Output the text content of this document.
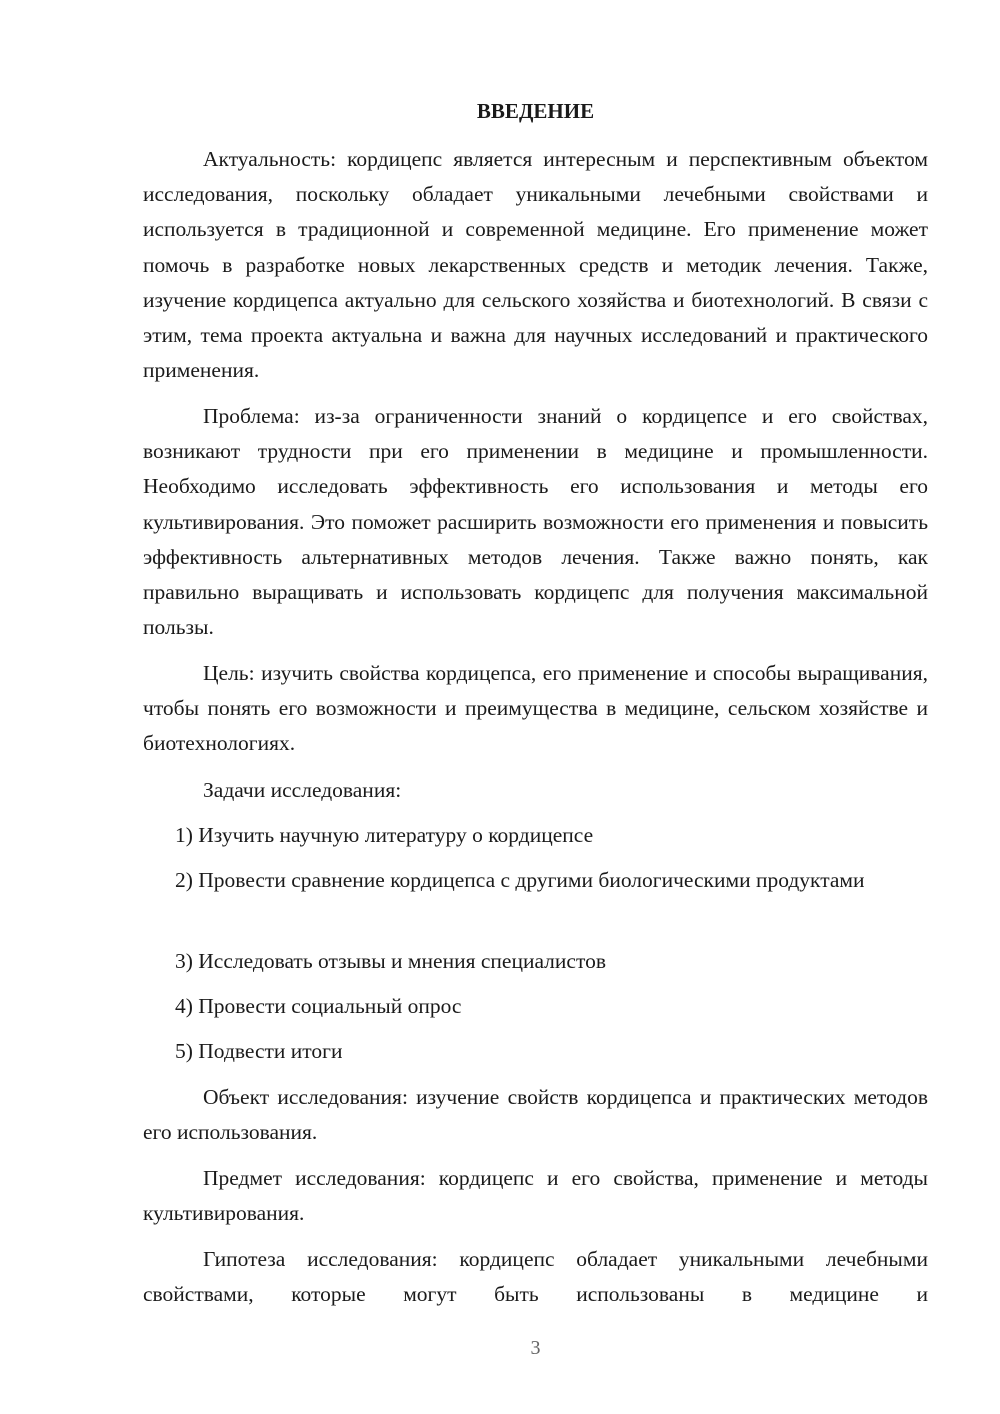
ВВЕДЕНИЕ

Актуальность: кордицепс является интересным и перспективным объектом исследования, поскольку обладает уникальными лечебными свойствами и используется в традиционной и современной медицине. Его применение может помочь в разработке новых лекарственных средств и методик лечения. Также, изучение кордицепса актуально для сельского хозяйства и биотехнологий. В связи с этим, тема проекта актуальна и важна для научных исследований и практического применения.

Проблема: из-за ограниченности знаний о кордицепсе и его свойствах, возникают трудности при его применении в медицине и промышленности. Необходимо исследовать эффективность его использования и методы его культивирования. Это поможет расширить возможности его применения и повысить эффективность альтернативных методов лечения. Также важно понять, как правильно выращивать и использовать кордицепс для получения максимальной пользы.

Цель: изучить свойства кордицепса, его применение и способы выращивания, чтобы понять его возможности и преимущества в медицине, сельском хозяйстве и биотехнологиях.

Задачи исследования:

1) Изучить научную литературу о кордицепсе

2) Провести сравнение кордицепса с другими биологическими продуктами

3) Исследовать отзывы и мнения специалистов

4) Провести социальный опрос

5) Подвести итоги

Объект исследования: изучение свойств кордицепса и практических методов его использования.

Предмет исследования: кордицепс и его свойства, применение и методы культивирования.

Гипотеза исследования: кордицепс обладает уникальными лечебными свойствами, которые могут быть использованы в медицине и

3
